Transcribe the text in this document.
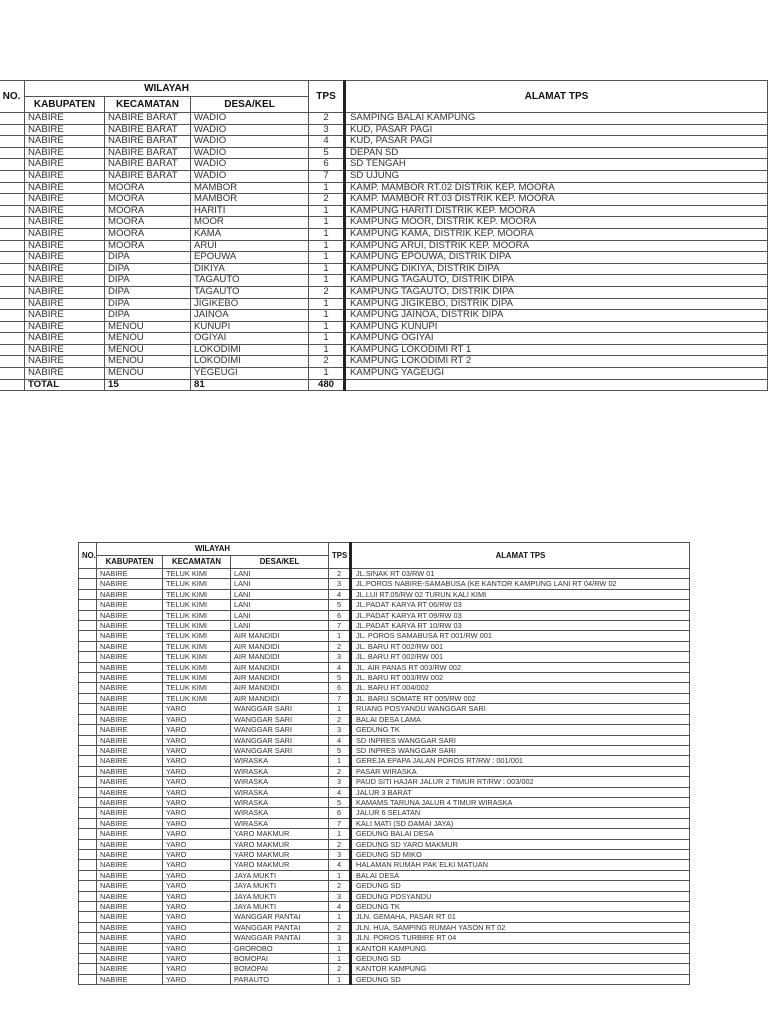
NO.	WILAYAH			TPS	ALAMAT TPS
	KABUPATEN	KECAMATAN	DESA/KEL		
	NABIRE	NABIRE BARAT	WADIO	2	SAMPING BALAI KAMPUNG
	NABIRE	NABIRE BARAT	WADIO	3	KUD, PASAR PAGI
	NABIRE	NABIRE BARAT	WADIO	4	KUD, PASAR PAGI
	NABIRE	NABIRE BARAT	WADIO	5	DEPAN SD
	NABIRE	NABIRE BARAT	WADIO	6	SD TENGAH
	NABIRE	NABIRE BARAT	WADIO	7	SD UJUNG
	NABIRE	MOORA	MAMBOR	1	KAMP. MAMBOR RT.02 DISTRIK KEP. MOORA
	NABIRE	MOORA	MAMBOR	2	KAMP. MAMBOR RT.03 DISTRIK KEP. MOORA
	NABIRE	MOORA	HARITI	1	KAMPUNG HARITI DISTRIK KEP. MOORA
	NABIRE	MOORA	MOOR	1	KAMPUNG MOOR, DISTRIK KEP. MOORA
	NABIRE	MOORA	KAMA	1	KAMPUNG KAMA, DISTRIK KEP. MOORA
	NABIRE	MOORA	ARUI	1	KAMPUNG ARUI, DISTRIK KEP. MOORA
	NABIRE	DIPA	EPOUWA	1	KAMPUNG EPOUWA, DISTRIK DIPA
	NABIRE	DIPA	DIKIYA	1	KAMPUNG DIKIYA, DISTRIK DIPA
	NABIRE	DIPA	TAGAUTO	1	KAMPUNG TAGAUTO, DISTRIK DIPA
	NABIRE	DIPA	TAGAUTO	2	KAMPUNG TAGAUTO, DISTRIK DIPA
	NABIRE	DIPA	JIGIKEBO	1	KAMPUNG JIGIKEBO, DISTRIK DIPA
	NABIRE	DIPA	JAINOA	1	KAMPUNG JAINOA, DISTRIK DIPA
	NABIRE	MENOU	KUNUPI	1	KAMPUNG KUNUPI
	NABIRE	MENOU	OGIYAI	1	KAMPUNG OGIYAI
	NABIRE	MENOU	LOKODIMI	1	KAMPUNG LOKODIMI RT 1
	NABIRE	MENOU	LOKODIMI	2	KAMPUNG LOKODIMI RT 2
	NABIRE	MENOU	YEGEUGI	1	KAMPUNG YAGEUGI
	TOTAL	15	81	480	
NO.	WILAYAH			TPS	ALAMAT TPS
	KABUPATEN	KECAMATAN	DESA/KEL		
	NABIRE	TELUK KIMI	LANI	2	JL.SINAK RT 03/RW 01
	NABIRE	TELUK KIMI	LANI	3	JL.POROS NABIRE-SAMABUSA (KE KANTOR KAMPUNG LANI RT 04/RW 02
	NABIRE	TELUK KIMI	LANI	4	JL.LUI RT.05/RW 02 TURUN KALI KIMI
	NABIRE	TELUK KIMI	LANI	5	JL.PADAT KARYA RT 06/RW 03
	NABIRE	TELUK KIMI	LANI	6	JL.PADAT KARYA RT 09/RW 03
	NABIRE	TELUK KIMI	LANI	7	JL.PADAT KARYA RT 10/RW 03
	NABIRE	TELUK KIMI	AIR MANDIDI	1	JL. POROS SAMABUSA RT 001/RW 001
	NABIRE	TELUK KIMI	AIR MANDIDI	2	JL. BARU RT 002/RW 001
	NABIRE	TELUK KIMI	AIR MANDIDI	3	JL. BARU RT 002/RW 001
	NABIRE	TELUK KIMI	AIR MANDIDI	4	JL. AIR PANAS RT 003/RW 002
	NABIRE	TELUK KIMI	AIR MANDIDI	5	JL. BARU RT 003/RW 002
	NABIRE	TELUK KIMI	AIR MANDIDI	6	JL. BARU RT 004/002
	NABIRE	TELUK KIMI	AIR MANDIDI	7	JL. BARU SOMATE RT 005/RW 002
	NABIRE	YARO	WANGGAR SARI	1	RUANG POSYANDU WANGGAR SARI
	NABIRE	YARO	WANGGAR SARI	2	BALAI DESA LAMA
	NABIRE	YARO	WANGGAR SARI	3	GEDUNG TK
	NABIRE	YARO	WANGGAR SARI	4	SD INPRES WANGGAR SARI
	NABIRE	YARO	WANGGAR SARI	5	SD INPRES WANGGAR SARI
	NABIRE	YARO	WIRASKA	1	GEREJA EPAPA JALAN POROS RT/RW : 001/001
	NABIRE	YARO	WIRASKA	2	PASAR WIRASKA
	NABIRE	YARO	WIRASKA	3	PAUD SITI HAJAR JALUR 2 TIMUR RT/RW : 003/002
	NABIRE	YARO	WIRASKA	4	JALUR 3 BARAT
	NABIRE	YARO	WIRASKA	5	KAMAMS TARUNA JALUR 4 TIMUR WIRASKA
	NABIRE	YARO	WIRASKA	6	JALUR 6 SELATAN
	NABIRE	YARO	WIRASKA	7	KALI MATI (SD DAMAI JAYA)
	NABIRE	YARO	YARO MAKMUR	1	GEDUNG BALAI DESA
	NABIRE	YARO	YARO MAKMUR	2	GEDUNG SD YARO MAKMUR
	NABIRE	YARO	YARO MAKMUR	3	GEDUNG SD MIKO
	NABIRE	YARO	YARO MAKMUR	4	HALAMAN RUMAH PAK ELKI MATUAN
	NABIRE	YARO	JAYA MUKTI	1	BALAI DESA
	NABIRE	YARO	JAYA MUKTI	2	GEDUNG SD
	NABIRE	YARO	JAYA MUKTI	3	GEDUNG POSYANDU
	NABIRE	YARO	JAYA MUKTI	4	GEDUNG TK
	NABIRE	YARO	WANGGAR PANTAI	1	JLN. GEMAHA, PASAR RT 01
	NABIRE	YARO	WANGGAR PANTAI	2	JLN. HUA, SAMPING RUMAH YASON RT 02
	NABIRE	YARO	WANGGAR PANTAI	3	JLN. POROS TURBIRE RT 04
	NABIRE	YARO	GROROBO	1	KANTOR KAMPUNG
	NABIRE	YARO	BOMOPAI	1	GEDUNG SD
	NABIRE	YARO	BOMOPAI	2	KANTOR KAMPUNG
	NABIRE	YARO	PARAUTO	1	GEDUNG SD
